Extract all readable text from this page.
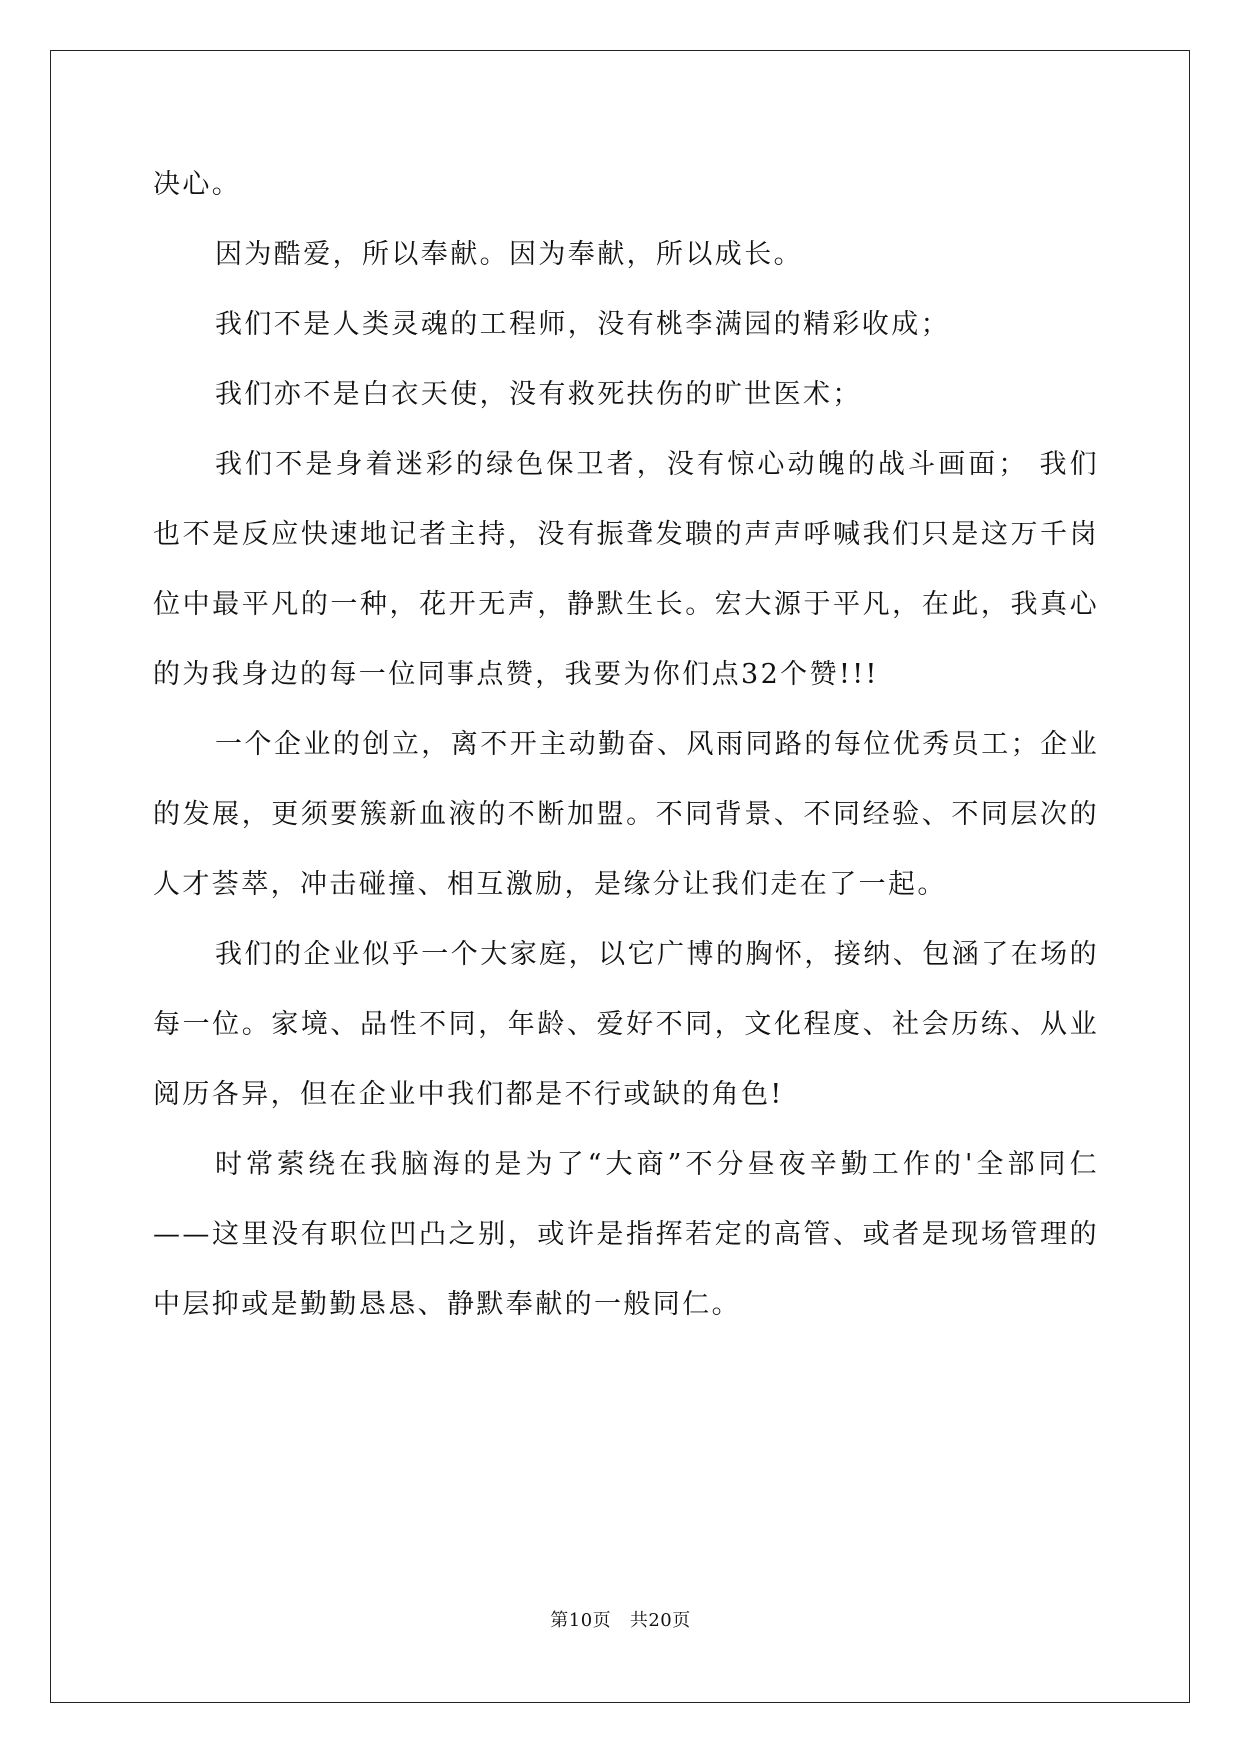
决心。

因为酷爱，所以奉献。因为奉献，所以成长。

我们不是人类灵魂的工程师，没有桃李满园的精彩收成；

我们亦不是白衣天使，没有救死扶伤的旷世医术；

我们不是身着迷彩的绿色保卫者，没有惊心动魄的战斗画面； 我们也不是反应快速地记者主持，没有振聋发聩的声声呼喊我们只是这万千岗位中最平凡的一种，花开无声，静默生长。宏大源于平凡，在此，我真心的为我身边的每一位同事点赞，我要为你们点32个赞!!!

一个企业的创立，离不开主动勤奋、风雨同路的每位优秀员工；企业的发展，更须要簇新血液的不断加盟。不同背景、不同经验、不同层次的人才荟萃，冲击碰撞、相互激励，是缘分让我们走在了一起。

我们的企业似乎一个大家庭，以它广博的胸怀，接纳、包涵了在场的每一位。家境、品性不同，年龄、爱好不同，文化程度、社会历练、从业阅历各异，但在企业中我们都是不行或缺的角色!

时常萦绕在我脑海的是为了“大商”不分昼夜辛勤工作的'全部同仁——这里没有职位凹凸之别，或许是指挥若定的高管、或者是现场管理的中层抑或是勤勤恳恳、静默奉献的一般同仁。

第10页 共20页
